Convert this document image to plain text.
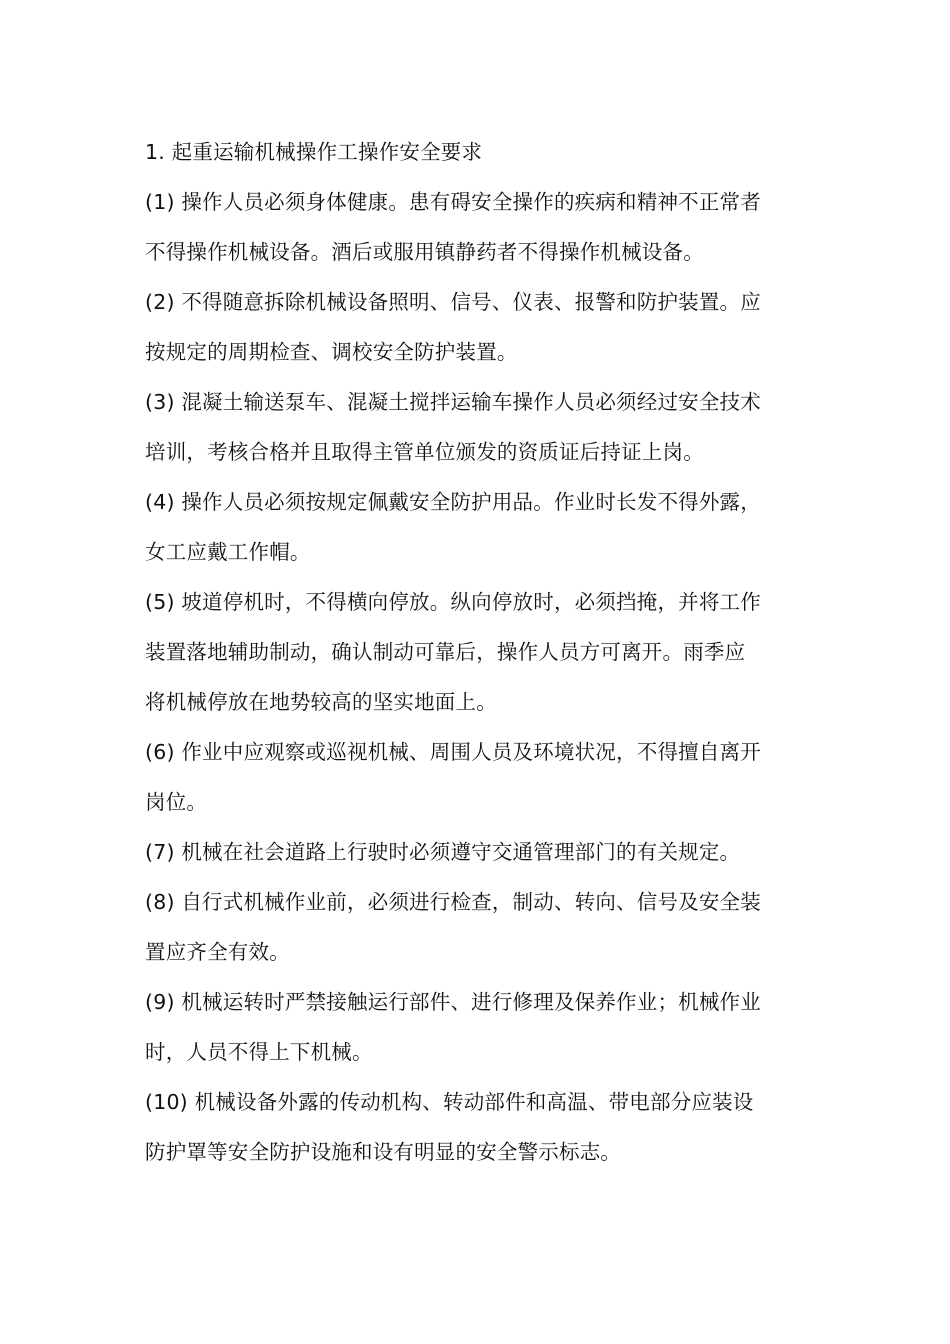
1. 起重运输机械操作工操作安全要求
(1) 操作人员必须身体健康。患有碍安全操作的疾病和精神不正常者
不得操作机械设备。酒后或服用镇静药者不得操作机械设备。
(2) 不得随意拆除机械设备照明、信号、仪表、报警和防护装置。应
按规定的周期检查、调校安全防护装置。
(3) 混凝土输送泵车、混凝土搅拌运输车操作人员必须经过安全技术
培训，考核合格并且取得主管单位颁发的资质证后持证上岗。
(4) 操作人员必须按规定佩戴安全防护用品。作业时长发不得外露，
女工应戴工作帽。
(5) 坡道停机时，不得横向停放。纵向停放时，必须挡掩，并将工作
装置落地辅助制动，确认制动可靠后，操作人员方可离开。雨季应
将机械停放在地势较高的坚实地面上。
(6) 作业中应观察或巡视机械、周围人员及环境状况，不得擅自离开
岗位。
(7) 机械在社会道路上行驶时必须遵守交通管理部门的有关规定。
(8) 自行式机械作业前，必须进行检查，制动、转向、信号及安全装
置应齐全有效。
(9) 机械运转时严禁接触运行部件、进行修理及保养作业；机械作业
时，人员不得上下机械。
(10) 机械设备外露的传动机构、转动部件和高温、带电部分应装设
防护罩等安全防护设施和设有明显的安全警示标志。
